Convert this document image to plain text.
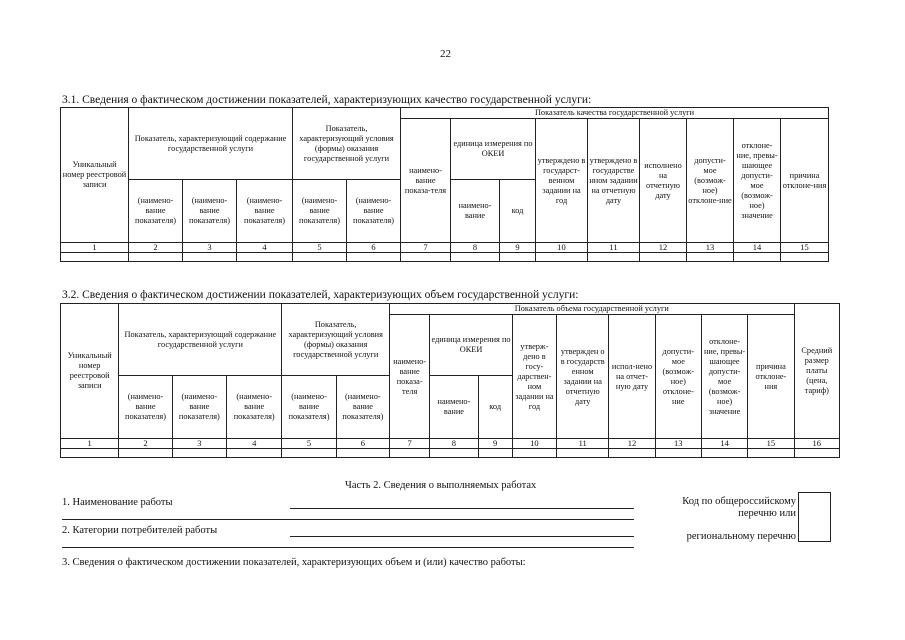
22
3.1. Сведения о фактическом достижении показателей, характеризующих качество государственной услуги:
Уникальный номер реестровой записи	Показатель, характеризующий содержание государственной услуги			Показатель, характеризующий условия (формы) оказания государственной услуги		Показатель качества государственной услуги								
						наимено-вание показа-теля	единица измерения по ОКЕИ		утверждено в государст-венном задании на год	утверждено в государстве нном задании на отчетную дату	исполнено на отчетную дату	допусти-мое (возмож-ное) отклоне-ние	отклоне-ние, превы-шающее допусти-мое (возмож-ное) значение	причина отклоне-ния
	(наимено-вание показателя)	(наимено-вание показателя)	(наимено-вание показателя)	(наимено-вание показателя)	(наимено-вание показателя)		наимено-вание	код						
1	2	3	4	5	6	7	8	9	10	11	12	13	14	15

3.2. Сведения о фактическом достижении показателей, характеризующих объем государственной услуги:
Уникальный номер реестровой записи	Показатель, характеризующий содержание государственной услуги			Показатель, характеризующий условия (формы) оказания государственной услуги		Показатель объема государственной услуги									Средний размер платы (цена, тариф)
						наимено-вание показа-теля	единица измерения по ОКЕИ		утверж-дено в госу-дарствен-ном задании на год	утвержден о в государств енном задании на отчетную дату	испол-нено на отчет-ную дату	допусти-мое (возмож-ное) отклоне-ние	отклоне-ние, превы-шающее допусти-мое (возмож-ное) значение	причина отклоне-ния	
	(наимено-вание показателя)	(наимено-вание показателя)	(наимено-вание показателя)	(наимено-вание показателя)	(наимено-вание показателя)		наимено-вание	код							
1	2	3	4	5	6	7	8	9	10	11	12	13	14	15	16

Часть 2. Сведения о выполняемых работах
1. Наименование работы
2. Категории потребителей работы
Код по общероссийскому
перечню или
региональному перечню
3. Сведения о фактическом достижении показателей, характеризующих объем и (или) качество работы:
